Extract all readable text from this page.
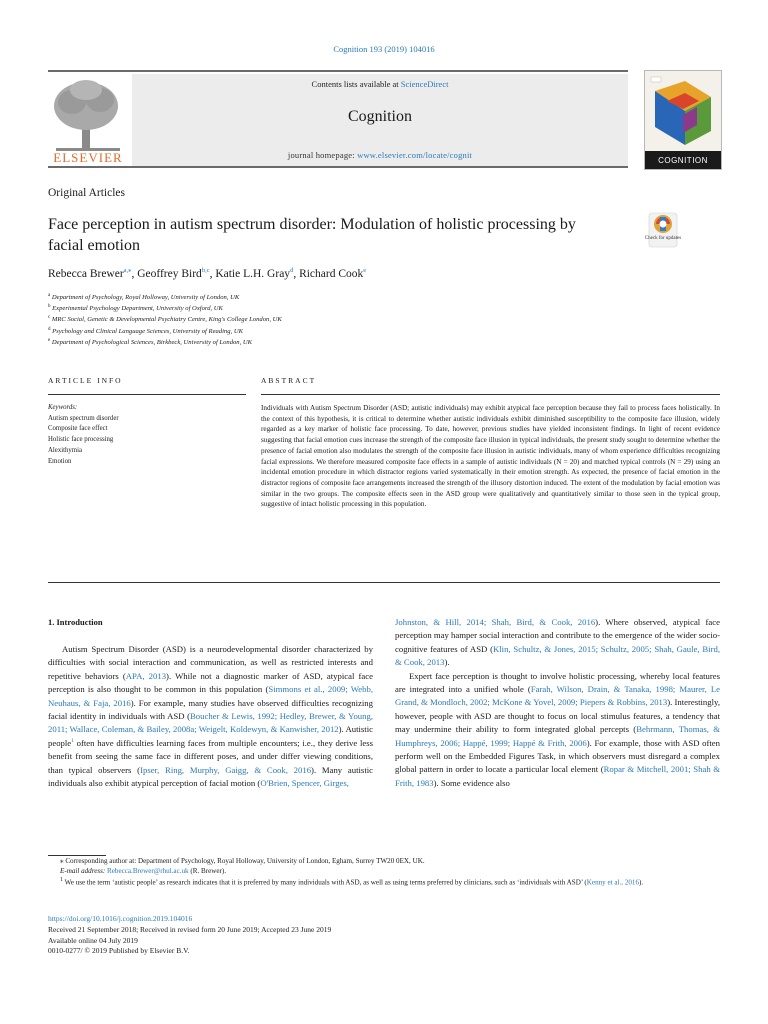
Cognition 193 (2019) 104016
Contents lists available at ScienceDirect
Cognition
journal homepage: www.elsevier.com/locate/cognit
ELSEVIER	COGNITION
Original Articles
Face perception in autism spectrum disorder: Modulation of holistic processing by facial emotion	Check for updates
Rebecca Brewer$^{a,⁎}$, Geoffrey Bird$^{b,c}$, Katie L.H. Gray$^d$, Richard Cook$^e$
$^a$ Department of Psychology, Royal Holloway, University of London, UK
$^b$ Experimental Psychology Department, University of Oxford, UK
$^c$ MRC Social, Genetic & Developmental Psychiatry Centre, King's College London, UK
$^d$ Psychology and Clinical Language Sciences, University of Reading, UK
$^e$ Department of Psychological Sciences, Birkbeck, University of London, UK
ARTICLE INFO	ABSTRACT
Keywords:
Autism spectrum disorder
Composite face effect
Holistic face processing
Alexithymia
Emotion

Individuals with Autism Spectrum Disorder (ASD; autistic individuals) may exhibit atypical face perception because they fail to process faces holistically. In the context of this hypothesis, it is critical to determine whether autistic individuals exhibit diminished susceptibility to the composite face illusion, widely regarded as a key marker of holistic face processing. To date, however, previous studies have yielded inconsistent findings. In light of recent evidence suggesting that facial emotion cues increase the strength of the composite face illusion in typical individuals, the present study sought to determine whether the presence of facial emotion also modulates the strength of the composite face illusion in autistic individuals, many of whom experience difficulties recognizing facial expressions. We therefore measured composite face effects in a sample of autistic individuals (N = 20) and matched typical controls (N = 29) using an incidental emotion procedure in which distractor regions varied systematically in their emotion strength. As expected, the presence of facial emotion in the distractor regions of composite face arrangements increased the strength of the illusory distortion induced. The extent of the modulation by facial emotion was similar in the two groups. The composite effects seen in the ASD group were qualitatively and quantitatively similar to those seen in the typical group, suggestive of intact holistic processing in this population.

1. Introduction

Autism Spectrum Disorder (ASD) is a neurodevelopmental disorder characterized by difficulties with social interaction and communication, as well as restricted interests and repetitive behaviors (APA, 2013). While not a diagnostic marker of ASD, atypical face perception is also thought to be common in this population (Simmons et al., 2009; Webb, Neuhaus, & Faja, 2016). For example, many studies have observed difficulties recognizing facial identity in individuals with ASD (Boucher & Lewis, 1992; Hedley, Brewer, & Young, 2011; Wallace, Coleman, & Bailey, 2008a; Weigelt, Koldewyn, & Kanwisher, 2012). Autistic people$^1$ often have difficulties learning faces from multiple encounters; i.e., they derive less benefit from seeing the same face in different poses, and under differ viewing conditions, than typical observers (Ipser, Ring, Murphy, Gaigg, & Cook, 2016). Many autistic individuals also exhibit atypical perception of facial motion (O'Brien, Spencer, Girges,

Johnston, & Hill, 2014; Shah, Bird, & Cook, 2016). Where observed, atypical face perception may hamper social interaction and contribute to the emergence of the wider socio-cognitive features of ASD (Klin, Schultz, & Jones, 2015; Schultz, 2005; Shah, Gaule, Bird, & Cook, 2013).

Expert face perception is thought to involve holistic processing, whereby local features are integrated into a unified whole (Farah, Wilson, Drain, & Tanaka, 1998; Maurer, Le Grand, & Mondloch, 2002; McKone & Yovel, 2009; Piepers & Robbins, 2013). Interestingly, however, people with ASD are thought to focus on local stimulus features, a tendency that may undermine their ability to form integrated global percepts (Behrmann, Thomas, & Humphreys, 2006; Happé, 1999; Happé & Frith, 2006). For example, those with ASD often perform well on the Embedded Figures Task, in which observers must disregard a complex global pattern in order to locate a particular local element (Ropar & Mitchell, 2001; Shah & Frith, 1983). Some evidence also

⁎ Corresponding author at: Department of Psychology, Royal Holloway, University of London, Egham, Surrey TW20 0EX, UK.

E-mail address: Rebecca.Brewer@rhul.ac.uk (R. Brewer).

$^1$ We use the term ‘autistic people’ as research indicates that it is preferred by many individuals with ASD, as well as using terms preferred by clinicians, such as ‘individuals with ASD’ (Kenny et al., 2016).

https://doi.org/10.1016/j.cognition.2019.104016
Received 21 September 2018; Received in revised form 20 June 2019; Accepted 23 June 2019
Available online 04 July 2019
0010-0277/ © 2019 Published by Elsevier B.V.
